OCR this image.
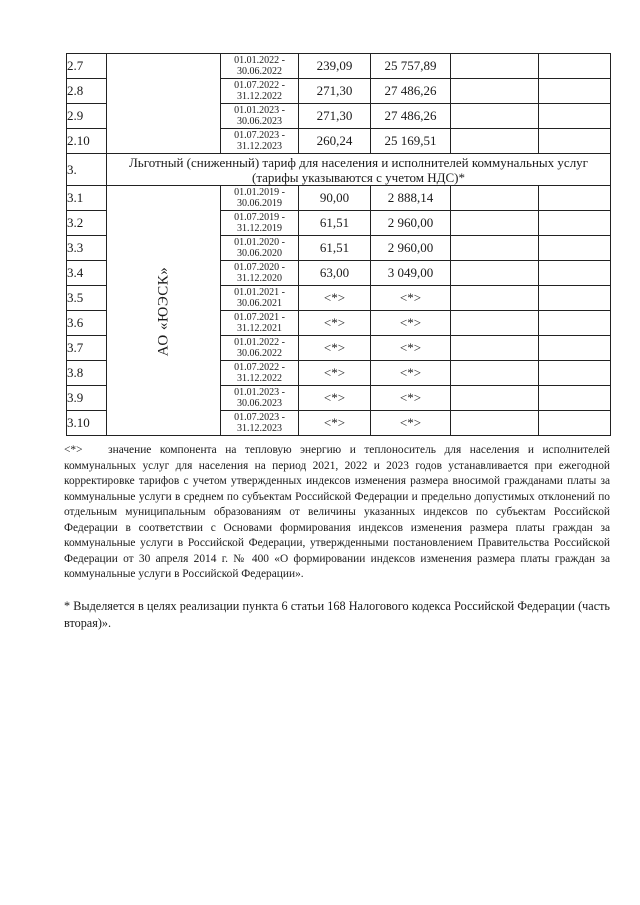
2.7		01.01.2022 -
30.06.2022	239,09	25 757,89		
2.8		01.07.2022 -
31.12.2022	271,30	27 486,26		
2.9		01.01.2023 -
30.06.2023	271,30	27 486,26		
2.10		01.07.2023 -
31.12.2023	260,24	25 169,51		
3.	Льготный (сниженный) тариф для населения и исполнителей коммунальных услуг
(тарифы указываются с учетом НДС)*					
3.1	АО «ЮЭСК»	01.01.2019 -
30.06.2019	90,00	2 888,14		
3.2		01.07.2019 -
31.12.2019	61,51	2 960,00		
3.3		01.01.2020 -
30.06.2020	61,51	2 960,00		
3.4		01.07.2020 -
31.12.2020	63,00	3 049,00		
3.5		01.01.2021 -
30.06.2021	<*>	<*>		
3.6		01.07.2021 -
31.12.2021	<*>	<*>		
3.7		01.01.2022 -
30.06.2022	<*>	<*>		
3.8		01.07.2022 -
31.12.2022	<*>	<*>		
3.9		01.01.2023 -
30.06.2023	<*>	<*>		
3.10		01.07.2023 -
31.12.2023	<*>	<*>		
<*> значение компонента на тепловую энергию и теплоноситель для населения и исполнителей коммунальных услуг для населения на период 2021, 2022 и 2023 годов устанавливается при ежегодной корректировке тарифов с учетом утвержденных индексов изменения размера вносимой гражданами платы за коммунальные услуги в среднем по субъектам Российской Федерации и предельно допустимых отклонений по отдельным муниципальным образованиям от величины указанных индексов по субъектам Российской Федерации в соответствии с Основами формирования индексов изменения размера платы граждан за коммунальные услуги в Российской Федерации, утвержденными постановлением Правительства Российской Федерации от 30 апреля 2014 г. № 400 «О формировании индексов изменения размера платы граждан за коммунальные услуги в Российской Федерации».
* Выделяется в целях реализации пункта 6 статьи 168 Налогового кодекса Российской Федерации (часть вторая)».
